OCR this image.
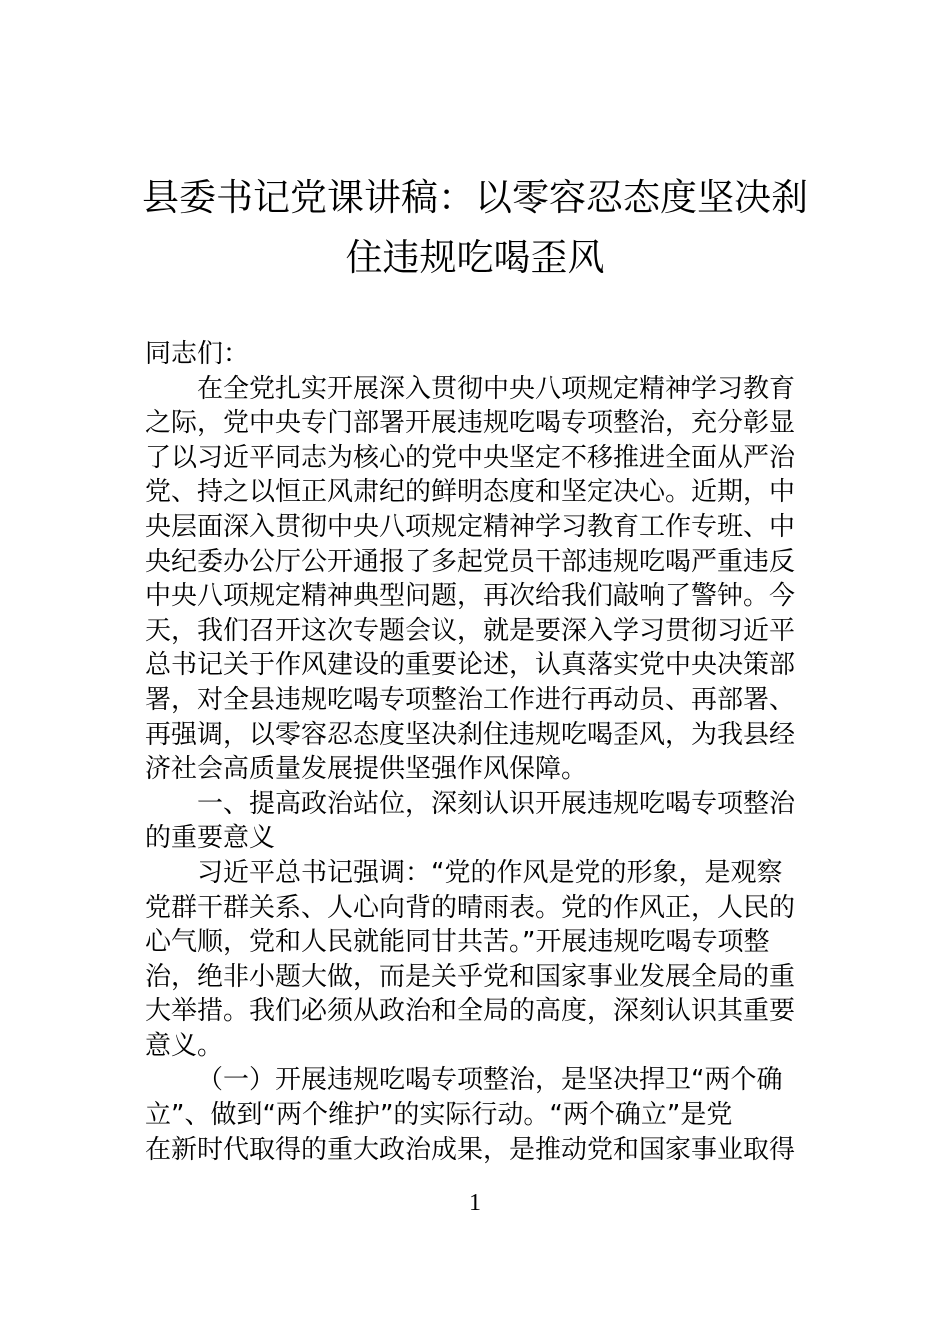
县委书记党课讲稿：以零容忍态度坚决刹
住违规吃喝歪风
同志们：
在全党扎实开展深入贯彻中央八项规定精神学习教育
之际，党中央专门部署开展违规吃喝专项整治，充分彰显
了以习近平同志为核心的党中央坚定不移推进全面从严治
党、持之以恒正风肃纪的鲜明态度和坚定决心。近期，中
央层面深入贯彻中央八项规定精神学习教育工作专班、中
央纪委办公厅公开通报了多起党员干部违规吃喝严重违反
中央八项规定精神典型问题，再次给我们敲响了警钟。今
天，我们召开这次专题会议，就是要深入学习贯彻习近平
总书记关于作风建设的重要论述，认真落实党中央决策部
署，对全县违规吃喝专项整治工作进行再动员、再部署、
再强调，以零容忍态度坚决刹住违规吃喝歪风，为我县经
济社会高质量发展提供坚强作风保障。
一、提高政治站位，深刻认识开展违规吃喝专项整治
的重要意义
习近平总书记强调：“党的作风是党的形象，是观察
党群干群关系、人心向背的晴雨表。党的作风正，人民的
心气顺，党和人民就能同甘共苦。”开展违规吃喝专项整
治，绝非小题大做，而是关乎党和国家事业发展全局的重
大举措。我们必须从政治和全局的高度，深刻认识其重要
意义。
（一）开展违规吃喝专项整治，是坚决捍卫“两个确
立”、做到“两个维护”的实际行动。“两个确立”是党
在新时代取得的重大政治成果，是推动党和国家事业取得
1
